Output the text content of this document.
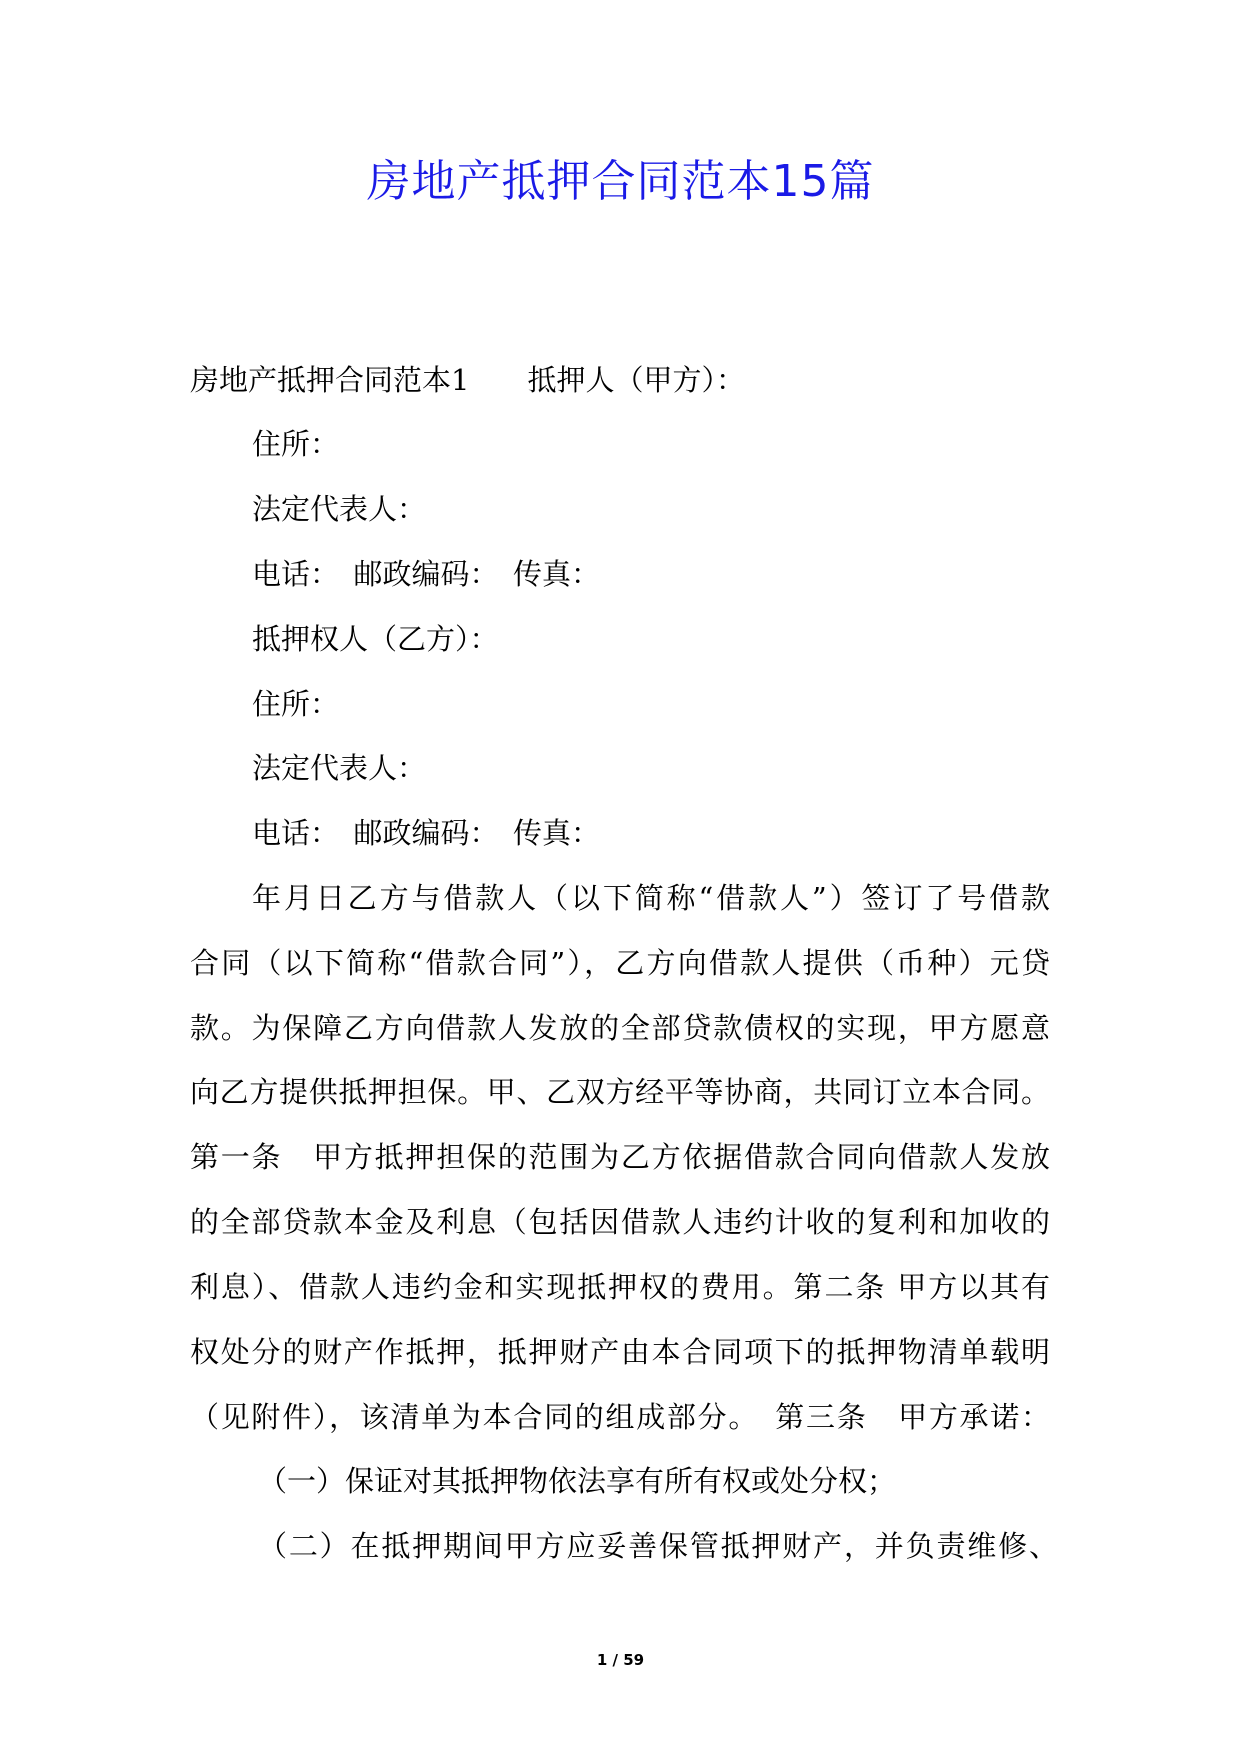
房地产抵押合同范本15篇
房地产抵押合同范本1　　抵押人（甲方）：
住所：
法定代表人：
电话：　邮政编码：　传真：
抵押权人（乙方）：
住所：
法定代表人：
电话：　邮政编码：　传真：
年月日乙方与借款人（以下简称“借款人”）签订了号借款
合同（以下简称“借款合同”），乙方向借款人提供（币种）元贷
款。为保障乙方向借款人发放的全部贷款债权的实现，甲方愿意
向乙方提供抵押担保。甲、乙双方经平等协商，共同订立本合同。
第一条　甲方抵押担保的范围为乙方依据借款合同向借款人发放
的全部贷款本金及利息（包括因借款人违约计收的复利和加收的
利息）、借款人违约金和实现抵押权的费用。第二条 甲方以其有
权处分的财产作抵押，抵押财产由本合同项下的抵押物清单载明
（见附件），该清单为本合同的组成部分。　第三条　甲方承诺：
（一）保证对其抵押物依法享有所有权或处分权；
（二）在抵押期间甲方应妥善保管抵押财产，并负责维修、
1 / 59
